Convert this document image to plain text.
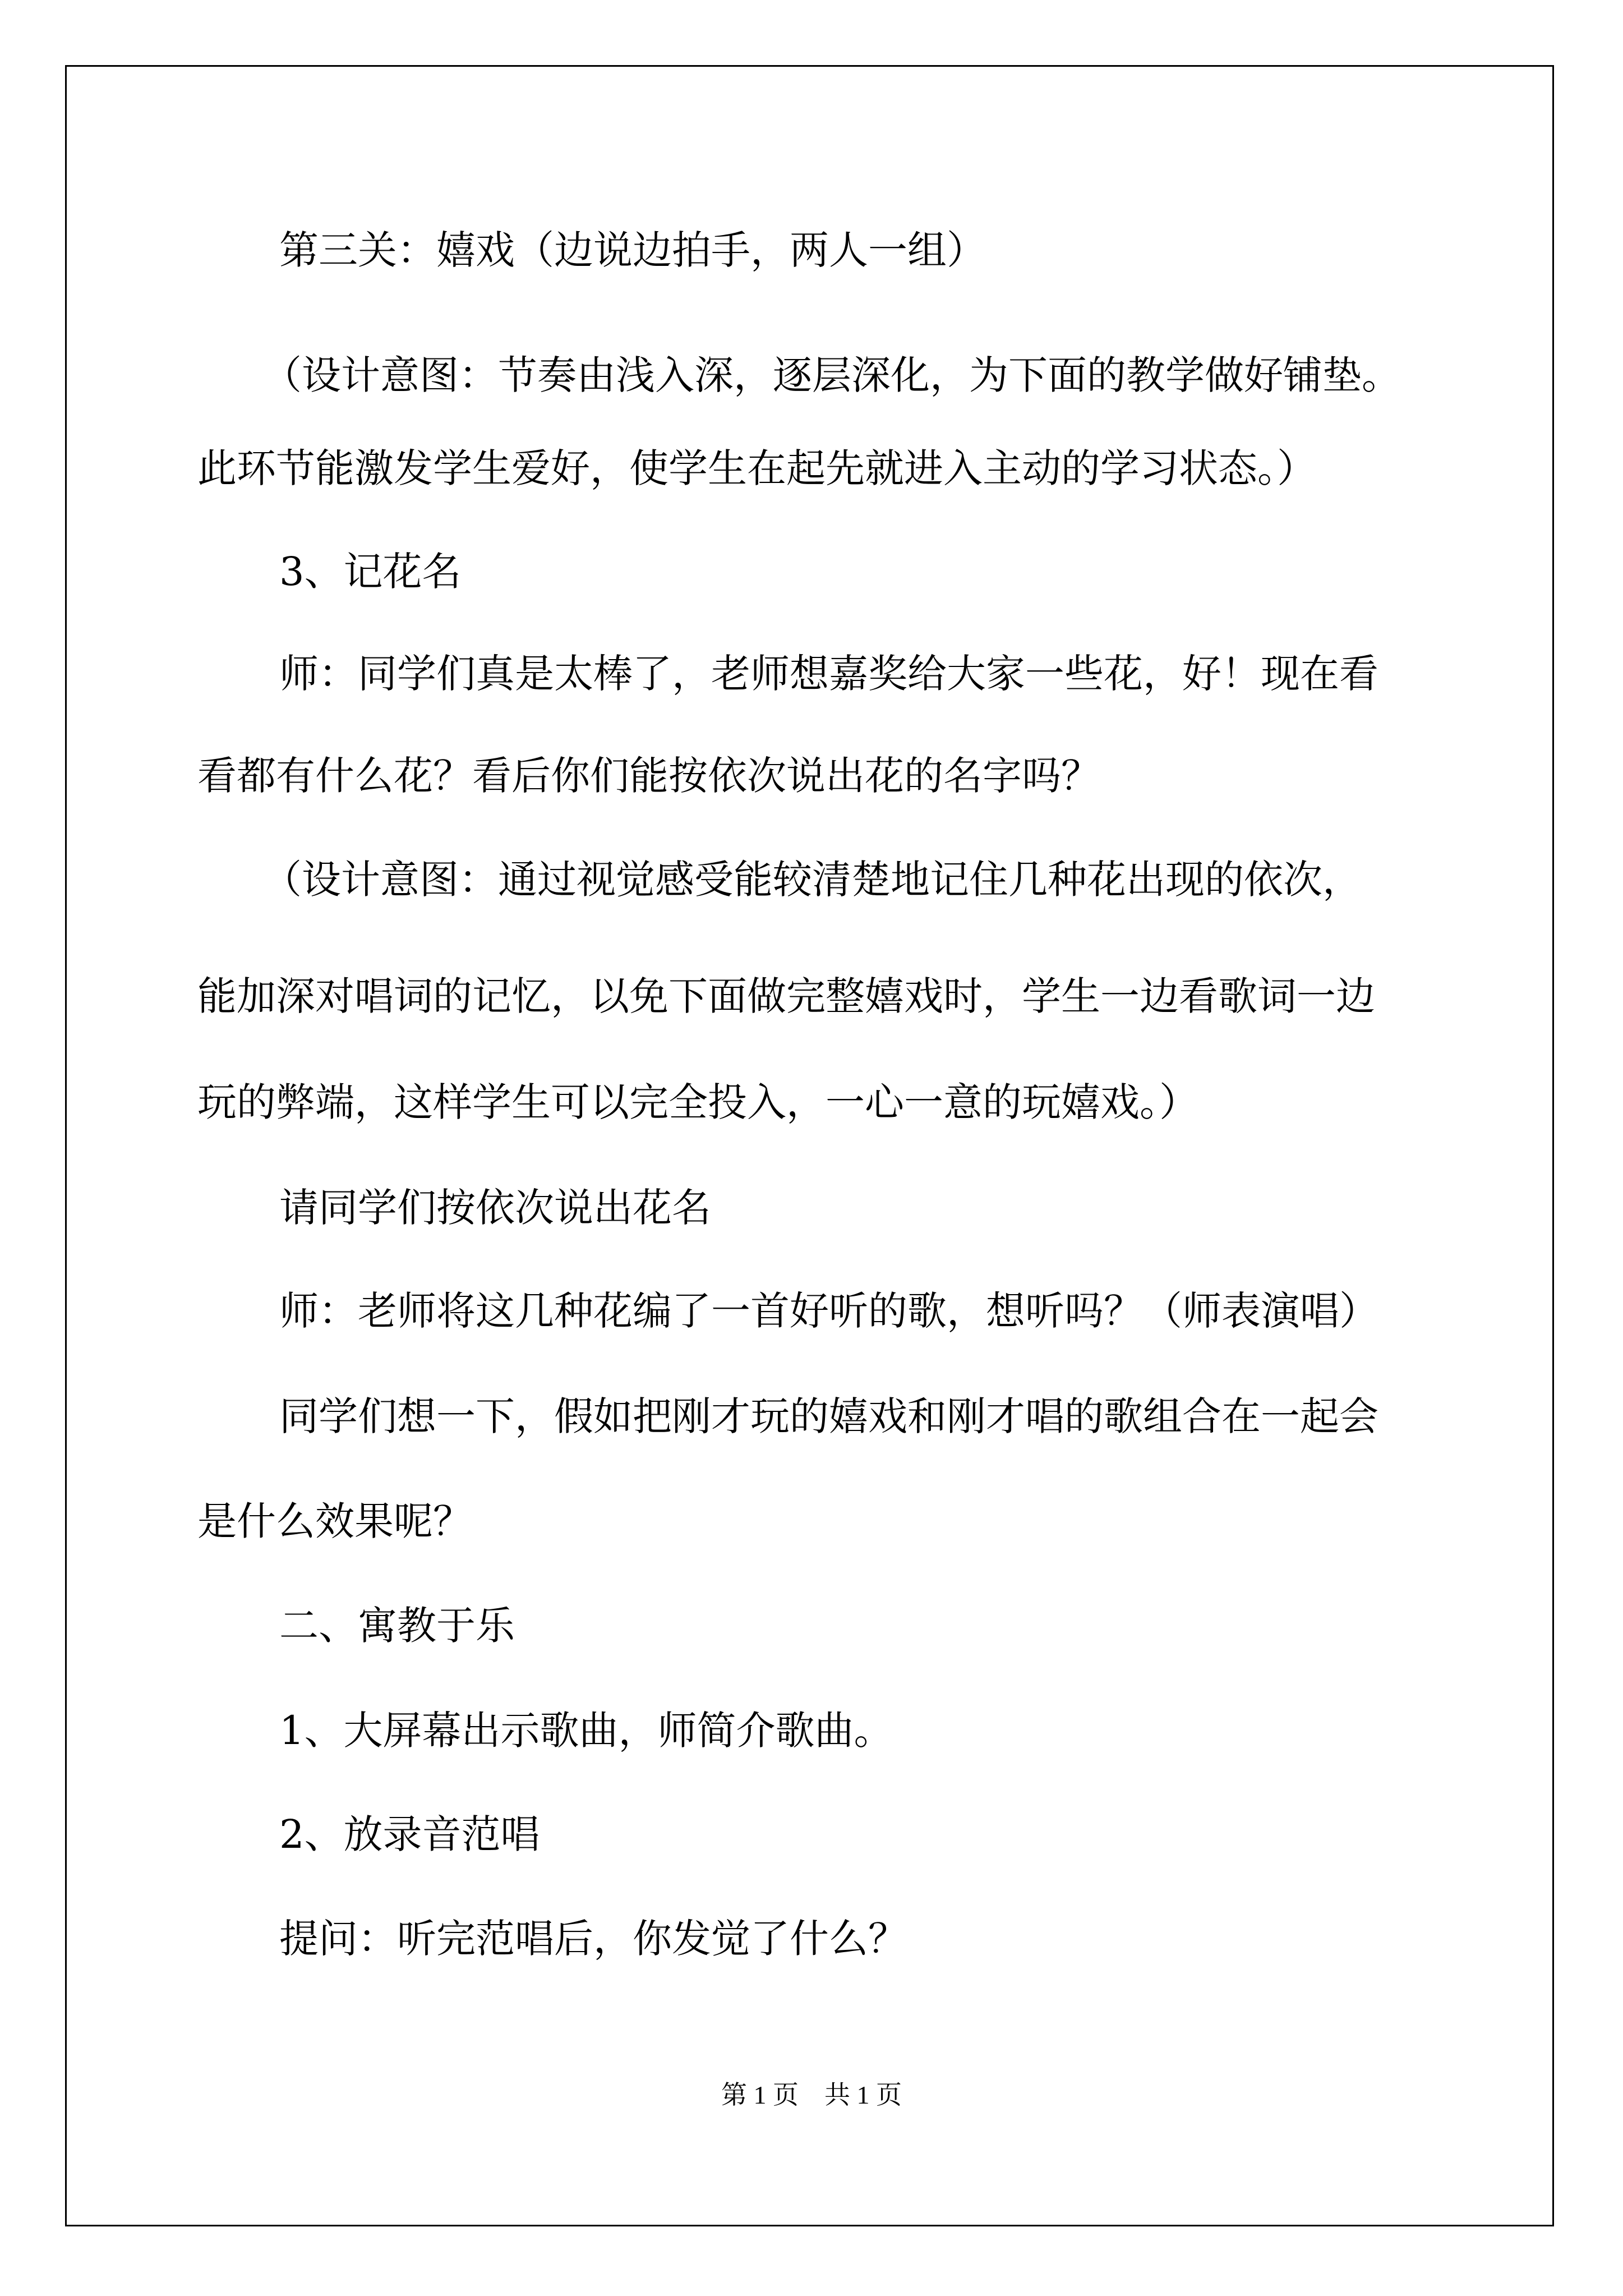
第三关：嬉戏（边说边拍手，两人一组）

（设计意图：节奏由浅入深，逐层深化，为下面的教学做好铺垫。

此环节能激发学生爱好，使学生在起先就进入主动的学习状态。）

3、记花名

师：同学们真是太棒了，老师想嘉奖给大家一些花，好！现在看

看都有什么花？看后你们能按依次说出花的名字吗？

（设计意图：通过视觉感受能较清楚地记住几种花出现的依次，

能加深对唱词的记忆，以免下面做完整嬉戏时，学生一边看歌词一边

玩的弊端，这样学生可以完全投入，一心一意的玩嬉戏。）

请同学们按依次说出花名

师：老师将这几种花编了一首好听的歌，想听吗？（师表演唱）

同学们想一下，假如把刚才玩的嬉戏和刚才唱的歌组合在一起会

是什么效果呢？

二、寓教于乐

1、大屏幕出示歌曲，师简介歌曲。

2、放录音范唱

提问：听完范唱后，你发觉了什么？

第 1 页　共 1 页
